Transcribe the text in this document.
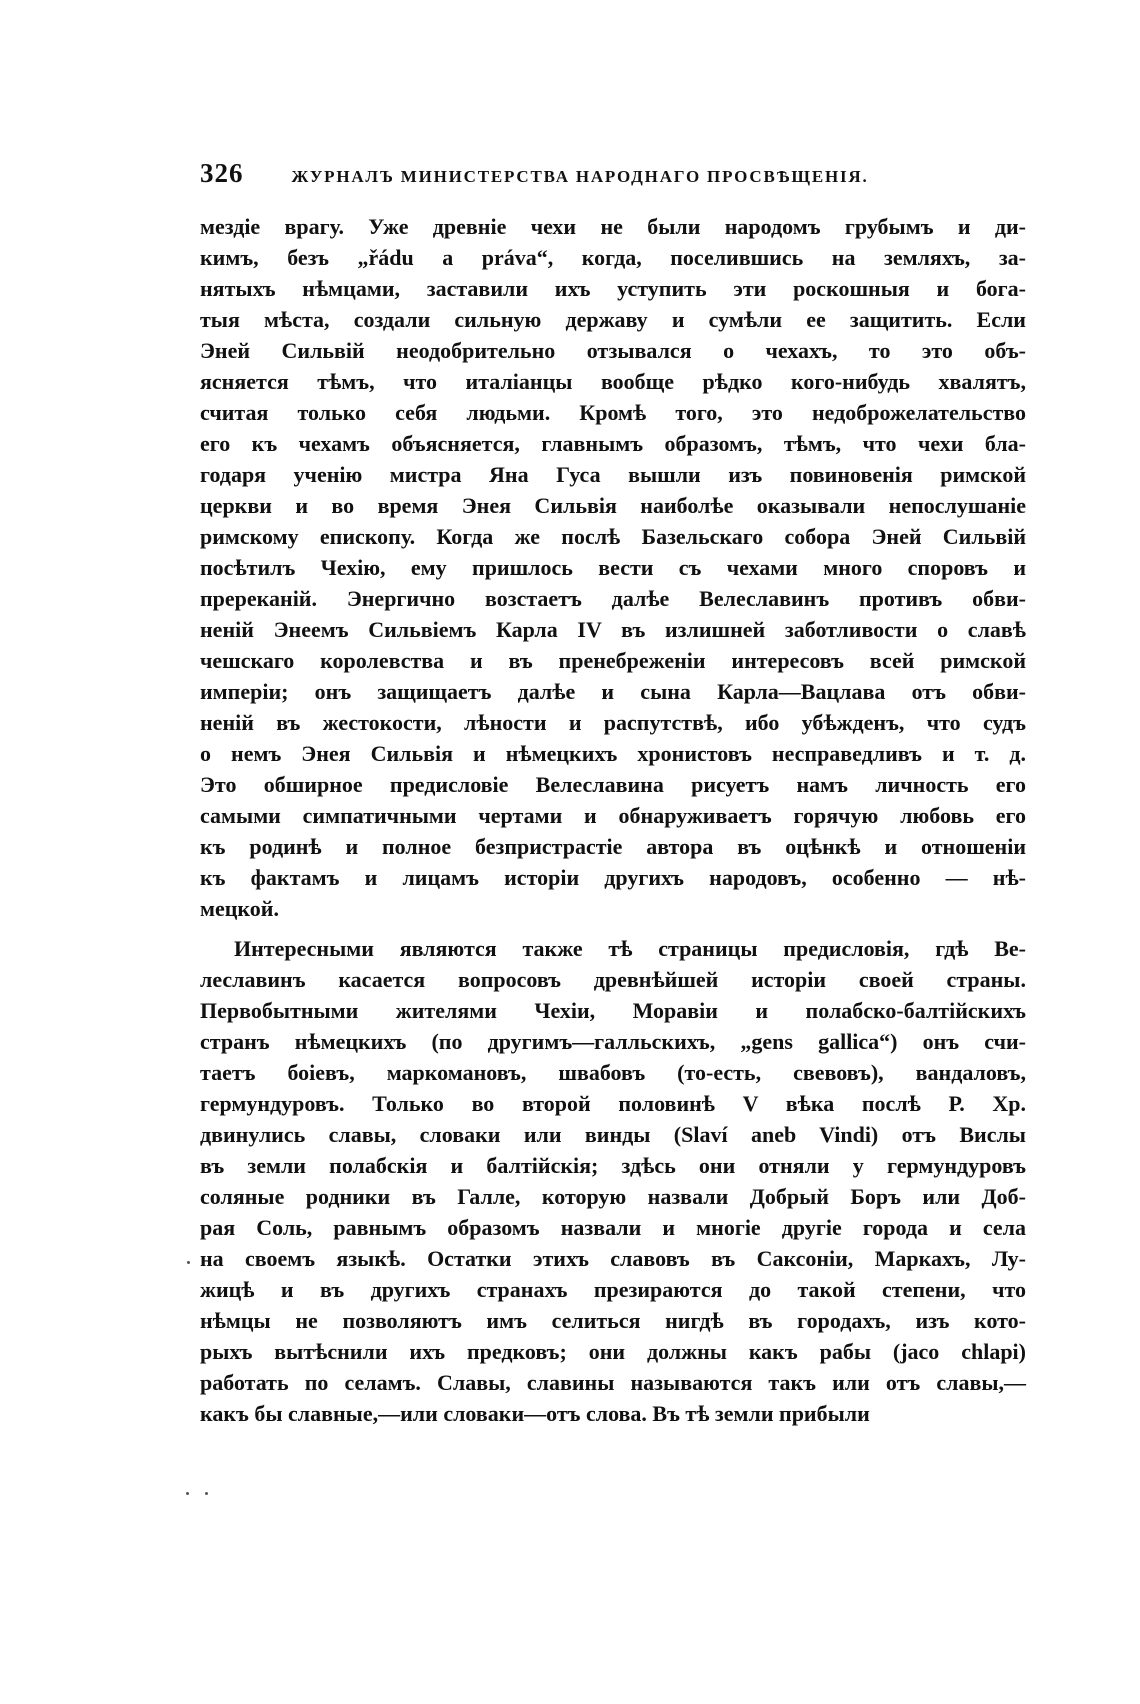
326	ЖУРНАЛЪ МИНИСТЕРСТВА НАРОДНАГО ПРОСВѢЩЕНІЯ.
мездіе врагу. Уже древніе чехи не были народомъ грубымъ и ди-
кимъ, безъ „řádu a práva“, когда, поселившись на земляхъ, за-
нятыхъ нѣмцами, заставили ихъ уступить эти роскошныя и бога-
тыя мѣста, создали сильную державу и сумѣли ее защитить. Если
Эней Сильвій неодобрительно отзывался о чехахъ, то это объ-
ясняется тѣмъ, что италіанцы вообще рѣдко кого-нибудь хвалятъ,
считая только себя людьми. Кромѣ того, это недоброжелательство
его къ чехамъ объясняется, главнымъ образомъ, тѣмъ, что чехи бла-
годаря ученію мистра Яна Гуса вышли изъ повиновенія римской
церкви и во время Энея Сильвія наиболѣе оказывали непослушаніе
римскому епископу. Когда же послѣ Базельскаго собора Эней Сильвій
посѣтилъ Чехію, ему пришлось вести съ чехами много споровъ и
пререканій. Энергично возстаетъ далѣе Велеславинъ противъ обви-
неній Энеемъ Сильвіемъ Карла IV въ излишней заботливости о славѣ
чешскаго королевства и въ пренебреженіи интересовъ всей римской
имперіи; онъ защищаетъ далѣе и сына Карла—Вацлава отъ обви-
неній въ жестокости, лѣности и распутствѣ, ибо убѣжденъ, что судъ
о немъ Энея Сильвія и нѣмецкихъ хронистовъ несправедливъ и т. д.
Это обширное предисловіе Велеславина рисуетъ намъ личность его
самыми симпатичными чертами и обнаруживаетъ горячую любовь его
къ родинѣ и полное безпристрастіе автора въ оцѣнкѣ и отношеніи
къ фактамъ и лицамъ исторіи другихъ народовъ, особенно — нѣ-
мецкой.
Интересными являются также тѣ страницы предисловія, гдѣ Ве-
леславинъ касается вопросовъ древнѣйшей исторіи своей страны.
Первобытными жителями Чехіи, Моравіи и полабско-балтійскихъ
странъ нѣмецкихъ (по другимъ—галльскихъ, „gens gallica“) онъ счи-
таетъ боіевъ, маркомановъ, швабовъ (то-есть, свевовъ), вандаловъ,
гермундуровъ. Только во второй половинѣ V вѣка послѣ Р. Хр.
двинулись славы, словаки или винды (Slaví aneb Vindi) отъ Вислы
въ земли полабскія и балтійскія; здѣсь они отняли у гермундуровъ
соляные родники въ Галле, которую назвали Добрый Боръ или Доб-
рая Соль, равнымъ образомъ назвали и многіе другіе города и села
на своемъ языкѣ. Остатки этихъ славовъ въ Саксоніи, Маркахъ, Лу-
жицѣ и въ другихъ странахъ презираются до такой степени, что
нѣмцы не позволяютъ имъ селиться нигдѣ въ городахъ, изъ кото-
рыхъ вытѣснили ихъ предковъ; они должны какъ рабы (jaco chlapi)
работать по селамъ. Славы, славины называются такъ или отъ славы,—
какъ бы славные,—или словаки—отъ слова. Въ тѣ земли прибыли
